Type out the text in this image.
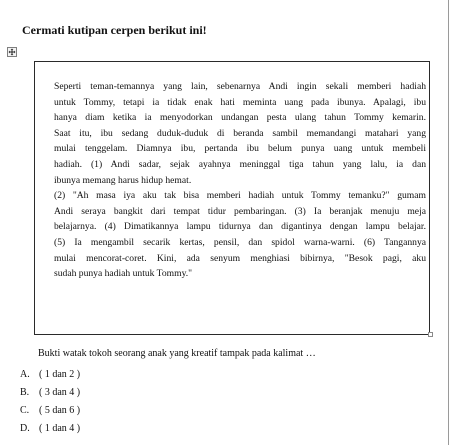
Cermati kutipan cerpen berikut ini!
Seperti teman-temannya yang lain, sebenarnya Andi ingin sekali memberi hadiah
untuk Tommy, tetapi ia tidak enak hati meminta uang pada ibunya. Apalagi, ibu
hanya diam ketika ia menyodorkan undangan pesta ulang tahun Tommy kemarin.
Saat itu, ibu sedang duduk-duduk di beranda sambil memandangi matahari yang
mulai tenggelam. Diamnya ibu, pertanda ibu belum punya uang untuk membeli
hadiah. (1) Andi sadar, sejak ayahnya meninggal tiga tahun yang lalu, ia dan
ibunya memang harus hidup hemat.
(2) "Ah masa iya aku tak bisa memberi hadiah untuk Tommy temanku?" gumam
Andi seraya bangkit dari tempat tidur pembaringan. (3) Ia beranjak menuju meja
belajarnya. (4) Dimatikannya lampu tidurnya dan digantinya dengan lampu belajar.
(5) Ia mengambil secarik kertas, pensil, dan spidol warna-warni. (6) Tangannya
mulai mencorat-coret. Kini, ada senyum menghiasi bibirnya, "Besok pagi, aku
sudah punya hadiah untuk Tommy."
Bukti watak tokoh seorang anak yang kreatif tampak pada kalimat …
A. ( 1 dan 2 )
B. ( 3 dan 4 )
C. ( 5 dan 6 )
D. ( 1 dan 4 )
